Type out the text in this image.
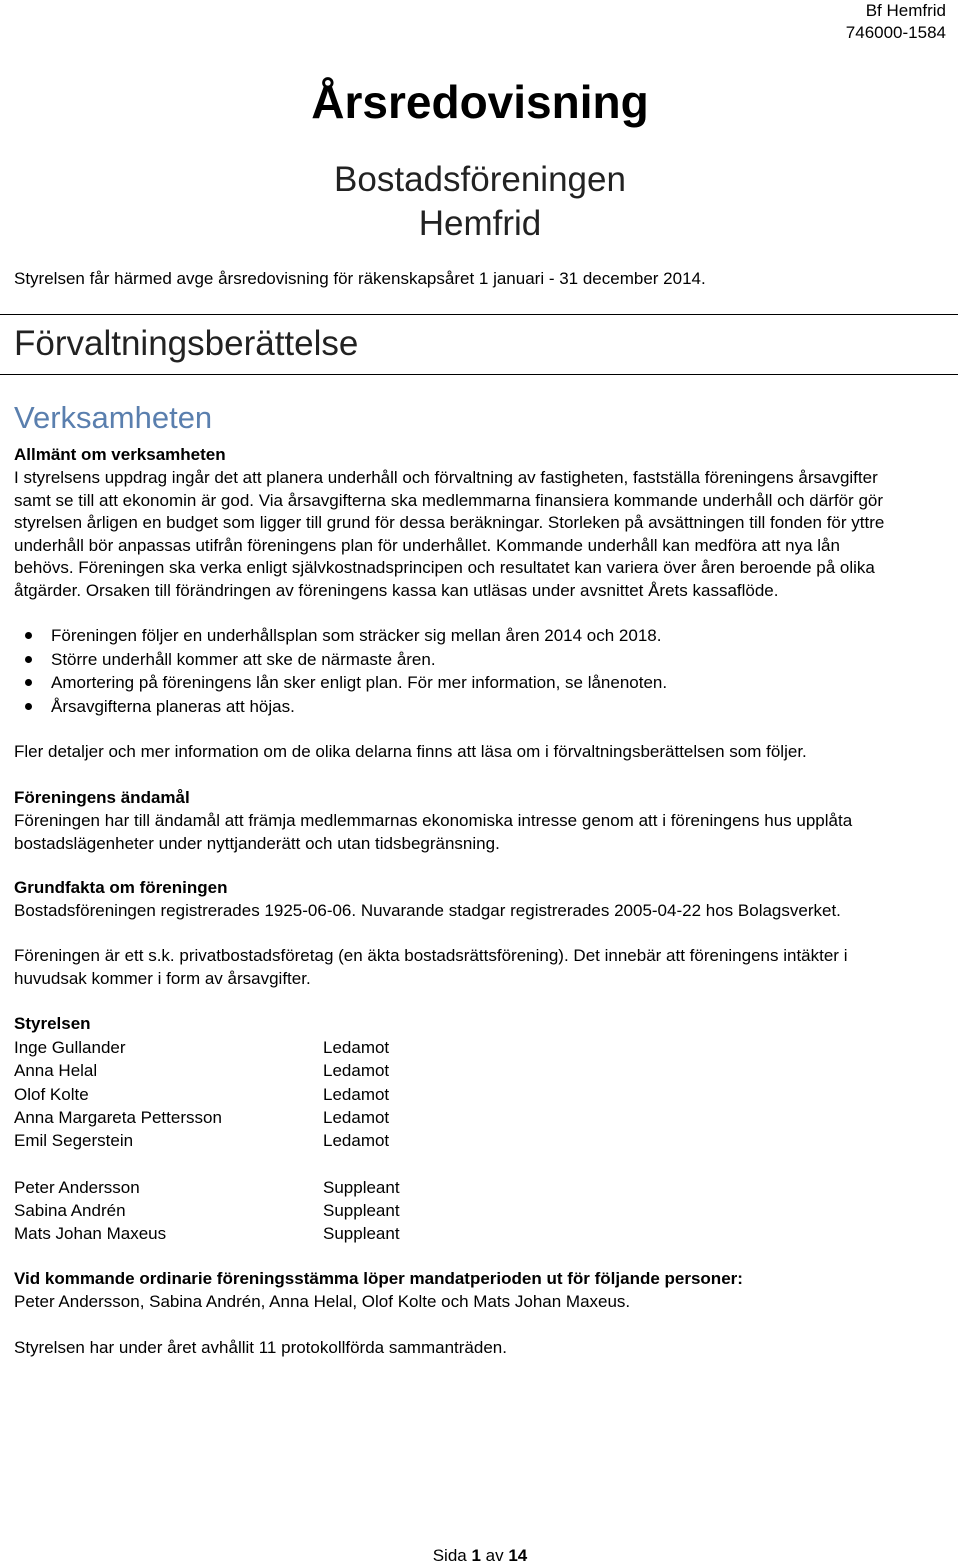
Bf Hemfrid
746000-1584
Årsredovisning
Bostadsföreningen
Hemfrid
Styrelsen får härmed avge årsredovisning för räkenskapsåret 1 januari - 31 december 2014.
Förvaltningsberättelse
Verksamheten
Allmänt om verksamheten
I styrelsens uppdrag ingår det att planera underhåll och förvaltning av fastigheten, fastställa föreningens årsavgifter
samt se till att ekonomin är god. Via årsavgifterna ska medlemmarna finansiera kommande underhåll och därför gör
styrelsen årligen en budget som ligger till grund för dessa beräkningar. Storleken på avsättningen till fonden för yttre
underhåll bör anpassas utifrån föreningens plan för underhållet. Kommande underhåll kan medföra att nya lån
behövs. Föreningen ska verka enligt självkostnadsprincipen och resultatet kan variera över åren beroende på olika
åtgärder. Orsaken till förändringen av föreningens kassa kan utläsas under avsnittet Årets kassaflöde.
Föreningen följer en underhållsplan som sträcker sig mellan åren 2014 och 2018.
Större underhåll kommer att ske de närmaste åren.
Amortering på föreningens lån sker enligt plan. För mer information, se lånenoten.
Årsavgifterna planeras att höjas.
Fler detaljer och mer information om de olika delarna finns att läsa om i förvaltningsberättelsen som följer.
Föreningens ändamål
Föreningen har till ändamål att främja medlemmarnas ekonomiska intresse genom att i föreningens hus upplåta
bostadslägenheter under nyttjanderätt och utan tidsbegränsning.
Grundfakta om föreningen
Bostadsföreningen registrerades 1925-06-06. Nuvarande stadgar registrerades 2005-04-22 hos Bolagsverket.
Föreningen är ett s.k. privatbostadsföretag (en äkta bostadsrättsförening). Det innebär att föreningens intäkter i
huvudsak kommer i form av årsavgifter.
Styrelsen
Inge Gullander	Ledamot
Anna Helal	Ledamot
Olof Kolte	Ledamot
Anna Margareta Pettersson	Ledamot
Emil Segerstein	Ledamot
Peter Andersson	Suppleant
Sabina Andrén	Suppleant
Mats Johan Maxeus	Suppleant
Vid kommande ordinarie föreningsstämma löper mandatperioden ut för följande personer:
Peter Andersson, Sabina Andrén, Anna Helal, Olof Kolte och Mats Johan Maxeus.
Styrelsen har under året avhållit 11 protokollförda sammanträden.
Sida 1 av 14
